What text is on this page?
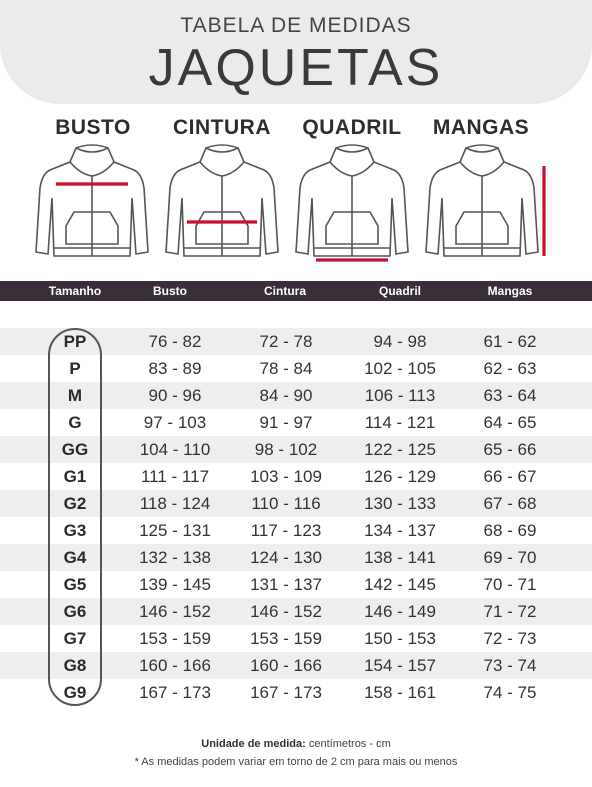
TABELA DE MEDIDAS
JAQUETAS
BUSTO	CINTURA	QUADRIL	MANGAS
Tamanho	Busto	Cintura	Quadril	Mangas
PP	76 - 82	72 - 78	94 - 98	61 - 62
P	83 - 89	78 - 84	102 - 105	62 - 63
M	90 - 96	84 - 90	106 - 113	63 - 64
G	97 - 103	91 - 97	114 - 121	64 - 65
GG	104 - 110	98 - 102	122 - 125	65 - 66
G1	111 - 117	103 - 109	126 - 129	66 - 67
G2	118 - 124	110 - 116	130 - 133	67 - 68
G3	125 - 131	117 - 123	134 - 137	68 - 69
G4	132 - 138	124 - 130	138 - 141	69 - 70
G5	139 - 145	131 - 137	142 - 145	70 - 71
G6	146 - 152	146 - 152	146 - 149	71 - 72
G7	153 - 159	153 - 159	150 - 153	72 - 73
G8	160 - 166	160 - 166	154 - 157	73 - 74
G9	167 - 173	167 - 173	158 - 161	74 - 75
Unidade de medida: centímetros - cm
* As medidas podem variar em torno de 2 cm para mais ou menos
